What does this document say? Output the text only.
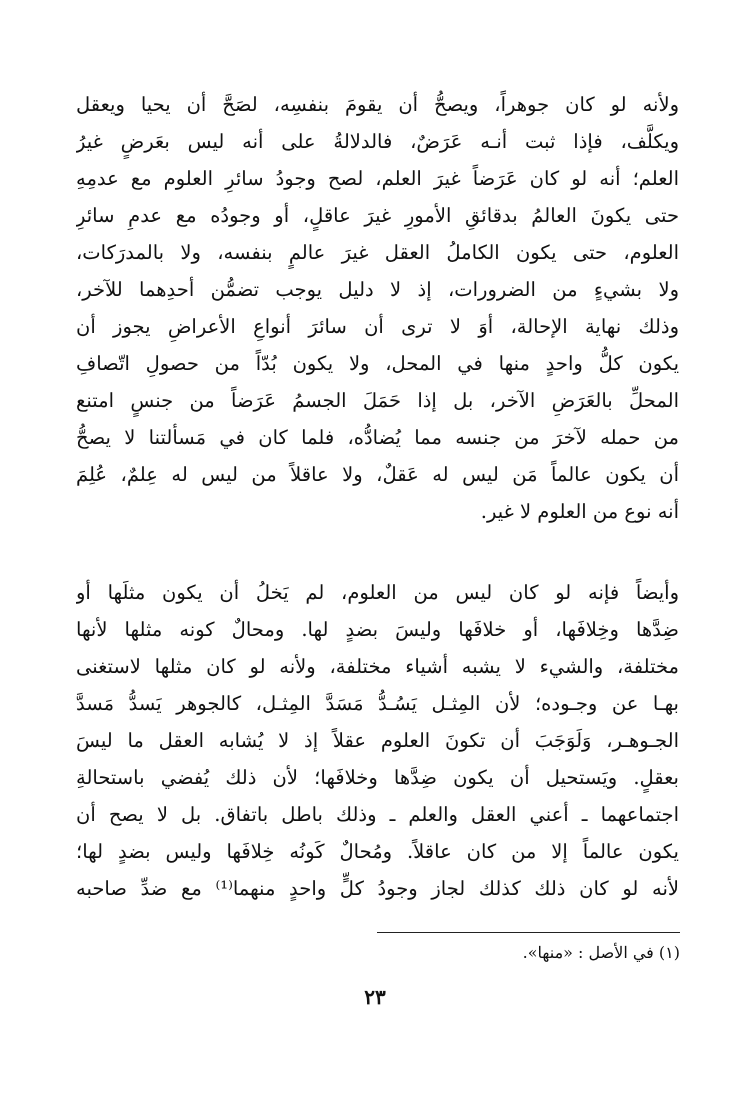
ولأنه لو كان جوهراً، ويصحُّ أن يقومَ بنفسِه، لصَحَّ أن يحيا ويعقل
ويكلَّف، فإذا ثبت أنـه عَرَضٌ، فالدلالةُ على أنه ليس بعَرضٍ غيرُ
العلم؛ أنه لو كان عَرَضاً غيرَ العلم، لصح وجودُ سائرِ العلوم مع عدمِهِ
حتى يكونَ العالمُ بدقائقِ الأمورِ غيرَ عاقلٍ، أو وجودُه مع عدمِ سائرِ
العلوم، حتى يكون الكاملُ العقل غيرَ عالمٍ بنفسه، ولا بالمدرَكات،
ولا بشيءٍ من الضرورات، إذ لا دليل يوجب تضمُّن أحدِهما للآخر،
وذلك نهاية الإحالة، أوَ لا ترى أن سائرَ أنواعِ الأعراضِ يجوز أن
يكون كلُّ واحدٍ منها في المحل، ولا يكون بُدّاً من حصولِ اتّصافِ
المحلِّ بالعَرَضِ الآخر، بل إذا حَمَلَ الجسمُ عَرَضاً من جنسٍ امتنع
من حمله لآخرَ من جنسه مما يُضادُّه، فلما كان في مَسألتنا لا يصحُّ
أن يكون عالماً مَن ليس له عَقلٌ، ولا عاقلاً من ليس له عِلمٌ، عُلِمَ
أنه نوع من العلوم لا غير.
وأيضاً فإنه لو كان ليس من العلوم، لم يَخلُ أن يكون مثلَها أو
ضِدَّها وخِلافَها، أو خلافَها وليسَ بضدٍ لها. ومحالٌ كونه مثلها لأنها
مختلفة، والشيء لا يشبه أشياء مختلفة، ولأنه لو كان مثلها لاستغنى
بهـا عن وجـوده؛ لأن المِثـل يَسُـدُّ مَسَدَّ المِثـل، كالجوهر يَسدُّ مَسدَّ
الجـوهـر، وَلَوَجَبَ أن تكونَ العلوم عقلاً إذ لا يُشابه العقل ما ليسَ
بعقلٍ. ويَستحيل أن يكون ضِدَّها وخلافَها؛ لأن ذلك يُفضي باستحالةِ
اجتماعهما ـ أعني العقل والعلم ـ وذلك باطل باتفاق. بل لا يصح أن
يكون عالماً إلا من كان عاقلاً. ومُحالٌ كَونُه خِلافَها وليس بضدٍ لها؛
لأنه لو كان ذلك كذلك لجاز وجودُ كلٍّ واحدٍ منهما⁽¹⁾ مع ضدِّ صاحبه
(١) في الأصل : «منها».
٢٣
